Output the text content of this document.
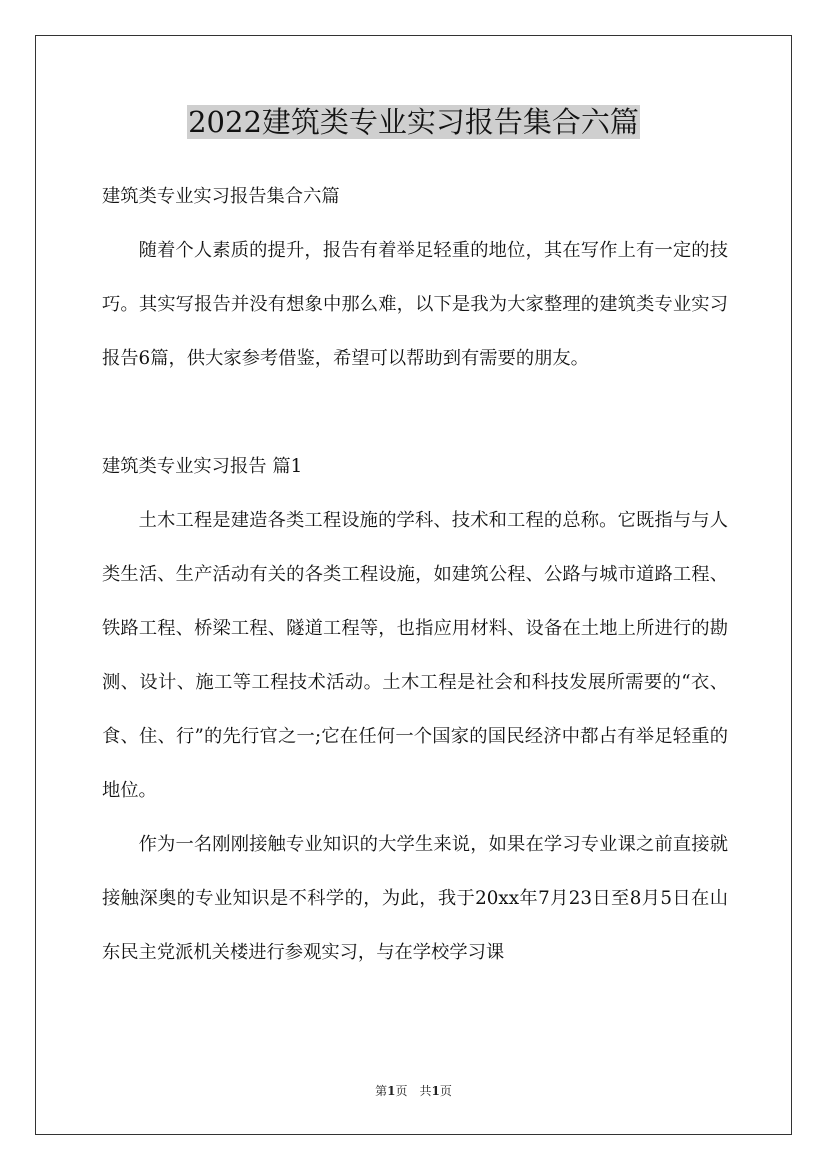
2022建筑类专业实习报告集合六篇

建筑类专业实习报告集合六篇

随着个人素质的提升，报告有着举足轻重的地位，其在写作上有一定的技巧。其实写报告并没有想象中那么难，以下是我为大家整理的建筑类专业实习报告6篇，供大家参考借鉴，希望可以帮助到有需要的朋友。

建筑类专业实习报告 篇1

土木工程是建造各类工程设施的学科、技术和工程的总称。它既指与与人类生活、生产活动有关的各类工程设施，如建筑公程、公路与城市道路工程、铁路工程、桥梁工程、隧道工程等，也指应用材料、设备在土地上所进行的勘测、设计、施工等工程技术活动。土木工程是社会和科技发展所需要的“衣、食、住、行”的先行官之一;它在任何一个国家的国民经济中都占有举足轻重的地位。

作为一名刚刚接触专业知识的大学生来说，如果在学习专业课之前直接就接触深奥的专业知识是不科学的，为此，我于20xx年7月23日至8月5日在山东民主党派机关楼进行参观实习，与在学校学习课

第1页　共1页
